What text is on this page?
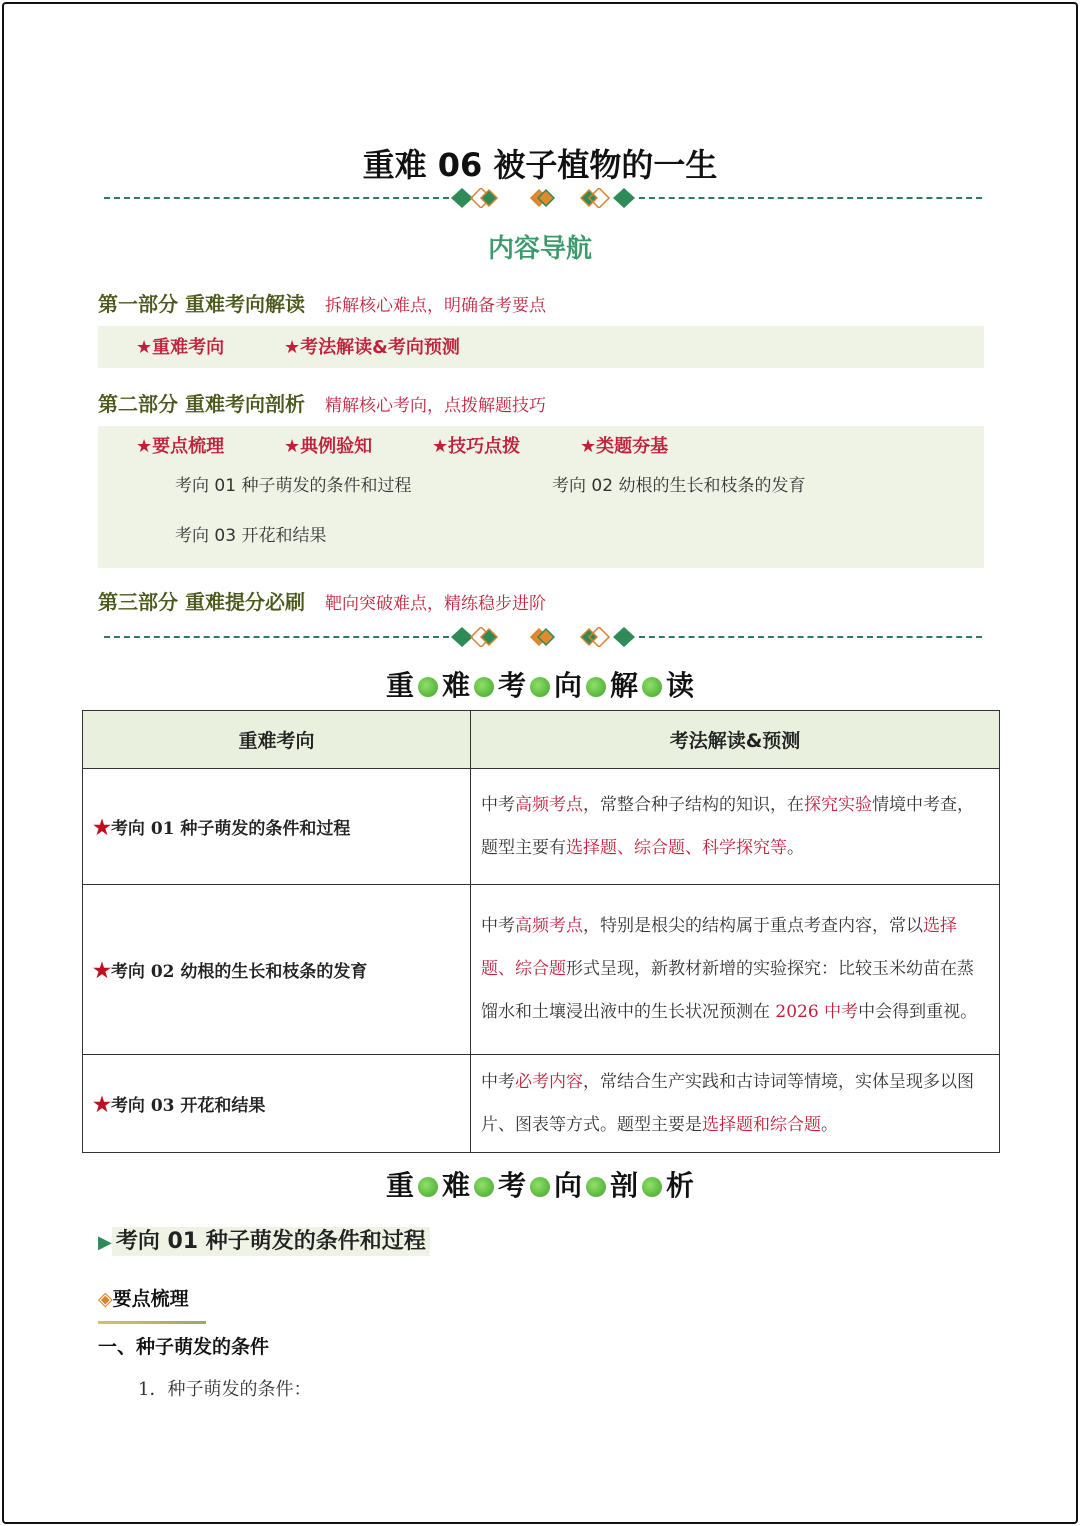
重难 06 被子植物的一生
内容导航
第一部分 重难考向解读 拆解核心难点，明确备考要点
★重难考向	★考法解读&考向预测
第二部分 重难考向剖析 精解核心考向，点拨解题技巧
★要点梳理	★典例验知	★技巧点拨	★类题夯基
考向 01 种子萌发的条件和过程	考向 02 幼根的生长和枝条的发育
考向 03 开花和结果
第三部分 重难提分必刷 靶向突破难点，精练稳步进阶
重 难 考 向 解 读
重难考向	考法解读&预测
★考向 01 种子萌发的条件和过程	中考高频考点，常整合种子结构的知识，在探究实验情境中考查，题型主要有选择题、综合题、科学探究等。
★考向 02 幼根的生长和枝条的发育	中考高频考点，特别是根尖的结构属于重点考查内容，常以选择题、综合题形式呈现，新教材新增的实验探究：比较玉米幼苗在蒸馏水和土壤浸出液中的生长状况预测在 2026 中考中会得到重视。
★考向 03 开花和结果	中考必考内容，常结合生产实践和古诗词等情境，实体呈现多以图片、图表等方式。题型主要是选择题和综合题。
重 难 考 向 剖 析
▶ 考向 01 种子萌发的条件和过程
◈要点梳理
一、种子萌发的条件
1．种子萌发的条件：
